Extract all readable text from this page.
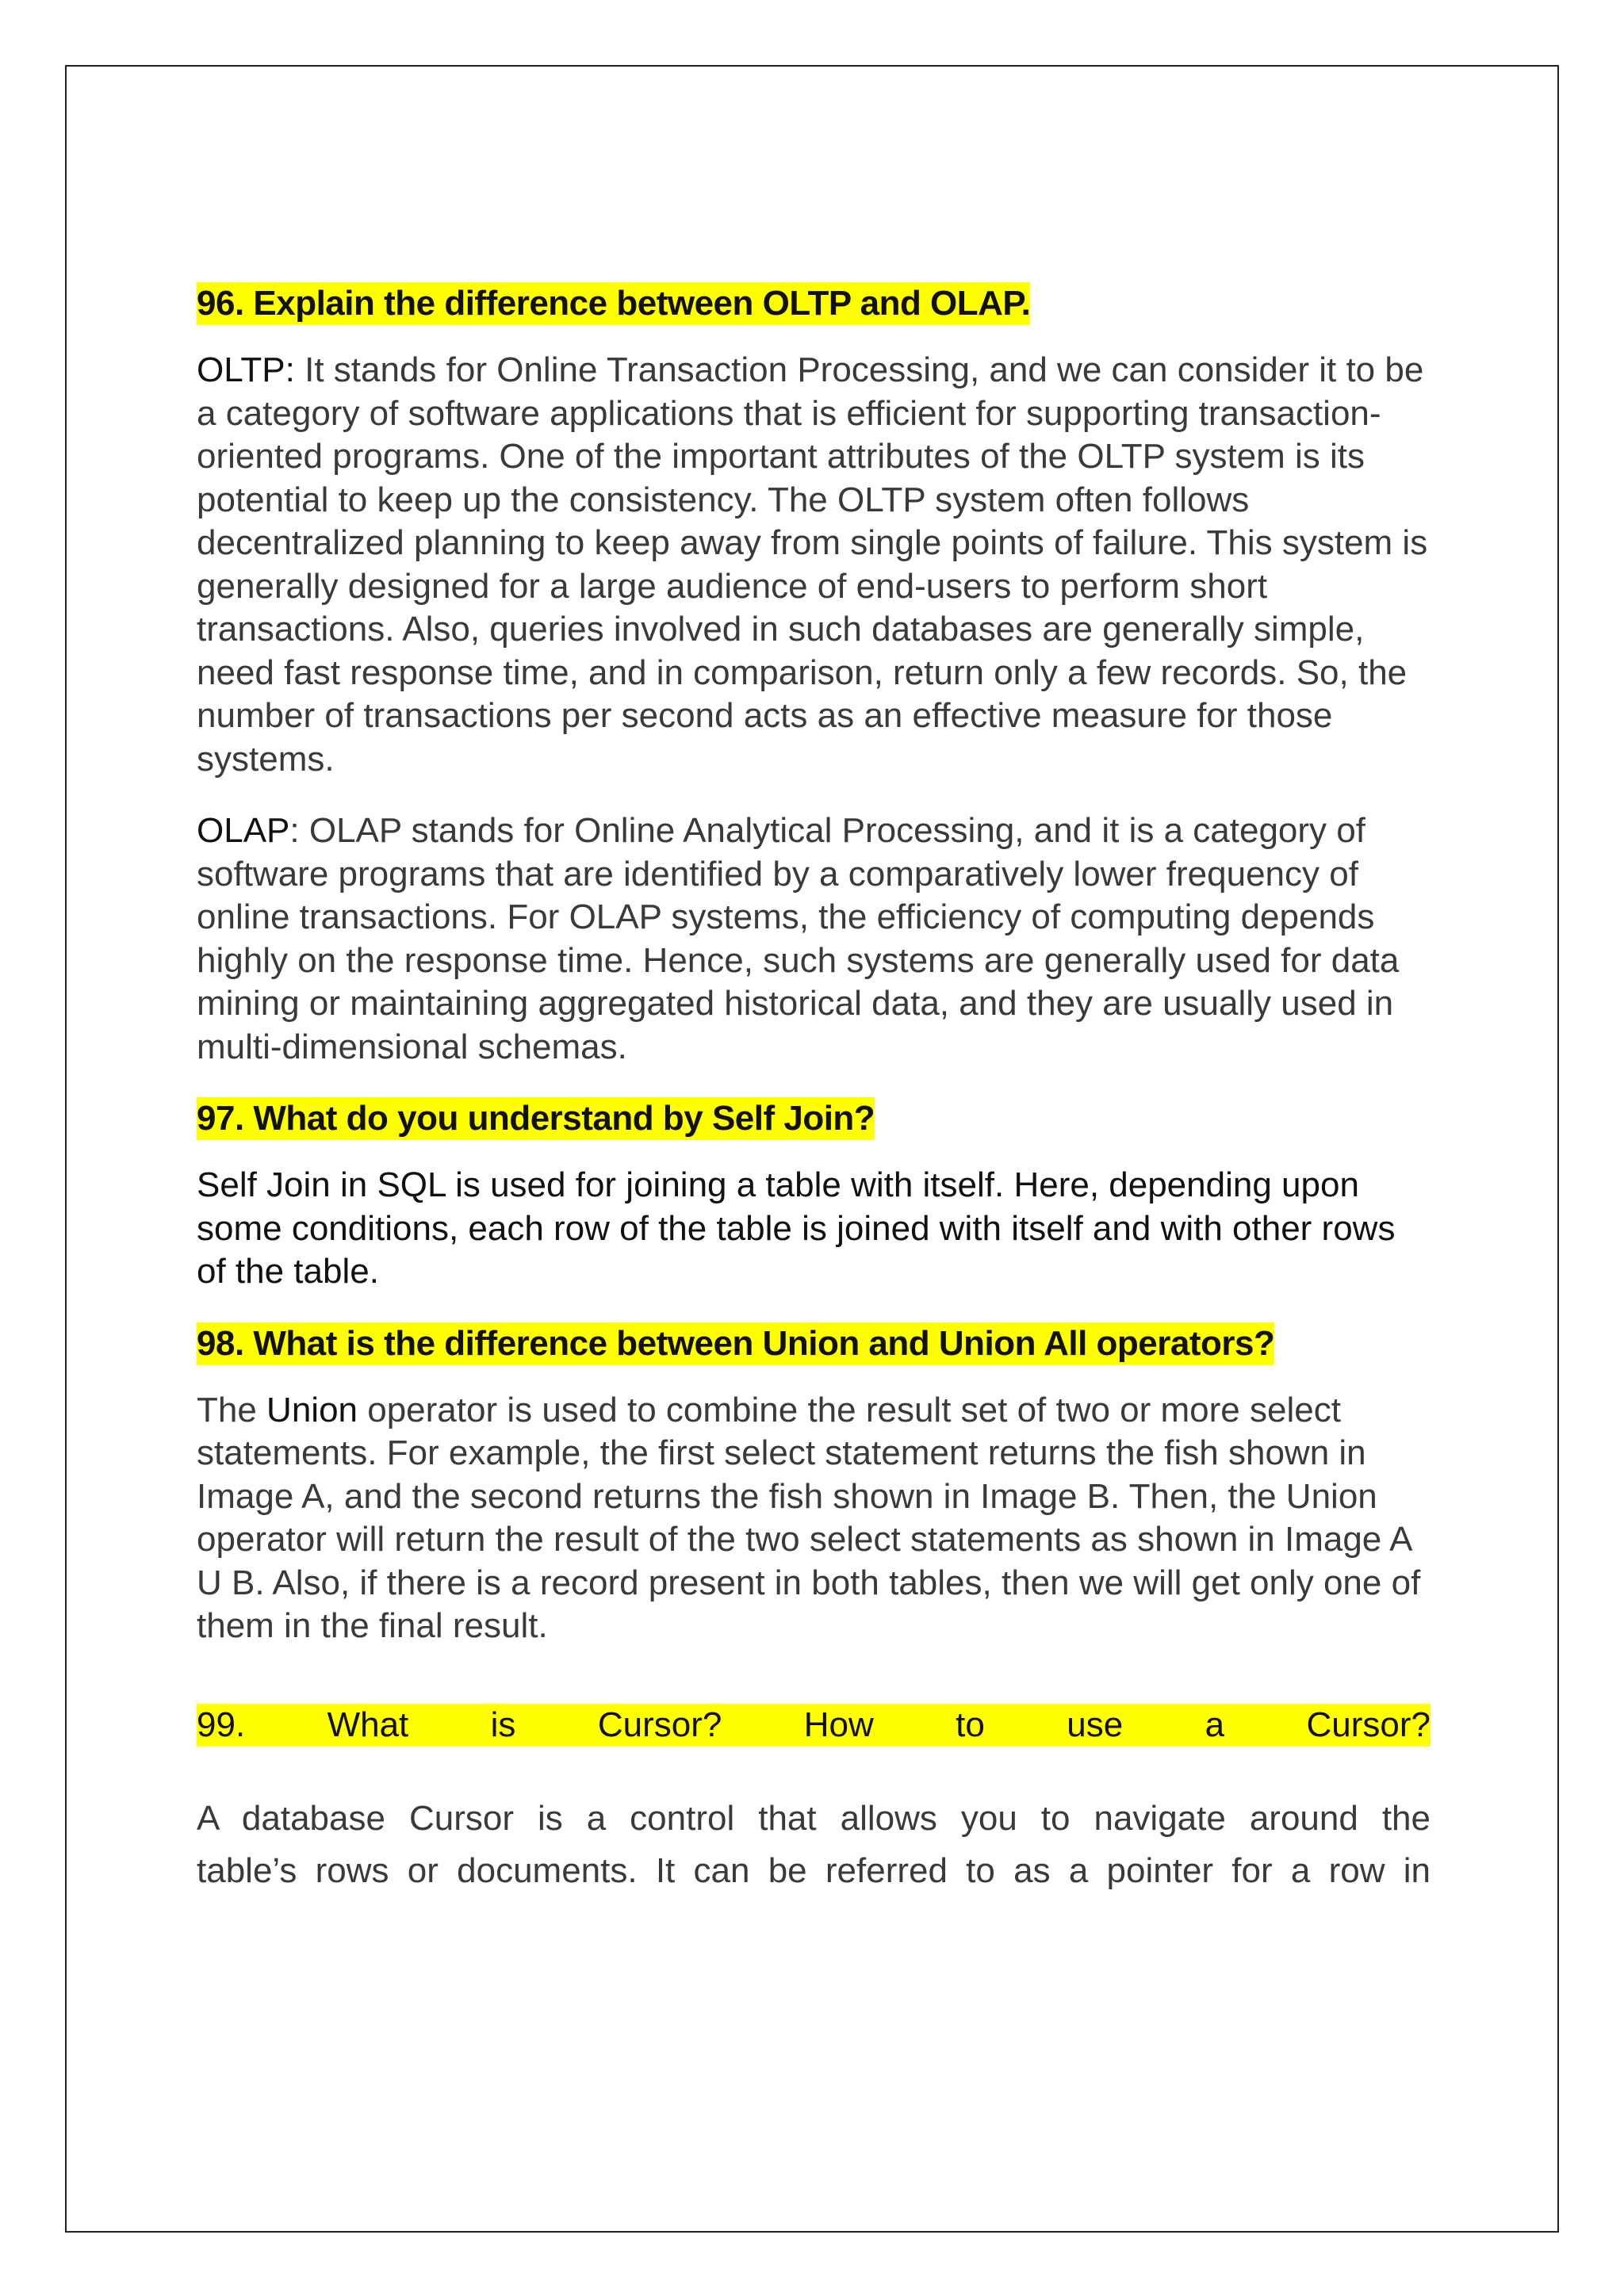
96. Explain the difference between OLTP and OLAP.

OLTP: It stands for Online Transaction Processing, and we can consider it to be a category of software applications that is efficient for supporting transaction-oriented programs. One of the important attributes of the OLTP system is its potential to keep up the consistency. The OLTP system often follows decentralized planning to keep away from single points of failure. This system is generally designed for a large audience of end-users to perform short transactions. Also, queries involved in such databases are generally simple, need fast response time, and in comparison, return only a few records. So, the number of transactions per second acts as an effective measure for those systems.

OLAP: OLAP stands for Online Analytical Processing, and it is a category of software programs that are identified by a comparatively lower frequency of online transactions. For OLAP systems, the efficiency of computing depends highly on the response time. Hence, such systems are generally used for data mining or maintaining aggregated historical data, and they are usually used in multi-dimensional schemas.

97. What do you understand by Self Join?

Self Join in SQL is used for joining a table with itself. Here, depending upon some conditions, each row of the table is joined with itself and with other rows of the table.

98. What is the difference between Union and Union All operators?

The Union operator is used to combine the result set of two or more select statements. For example, the first select statement returns the fish shown in Image A, and the second returns the fish shown in Image B. Then, the Union operator will return the result of the two select statements as shown in Image A U B. Also, if there is a record present in both tables, then we will get only one of them in the final result.

99. What is Cursor? How to use a Cursor?

A database Cursor is a control that allows you to navigate around the

table’s rows or documents. It can be referred to as a pointer for a row in
